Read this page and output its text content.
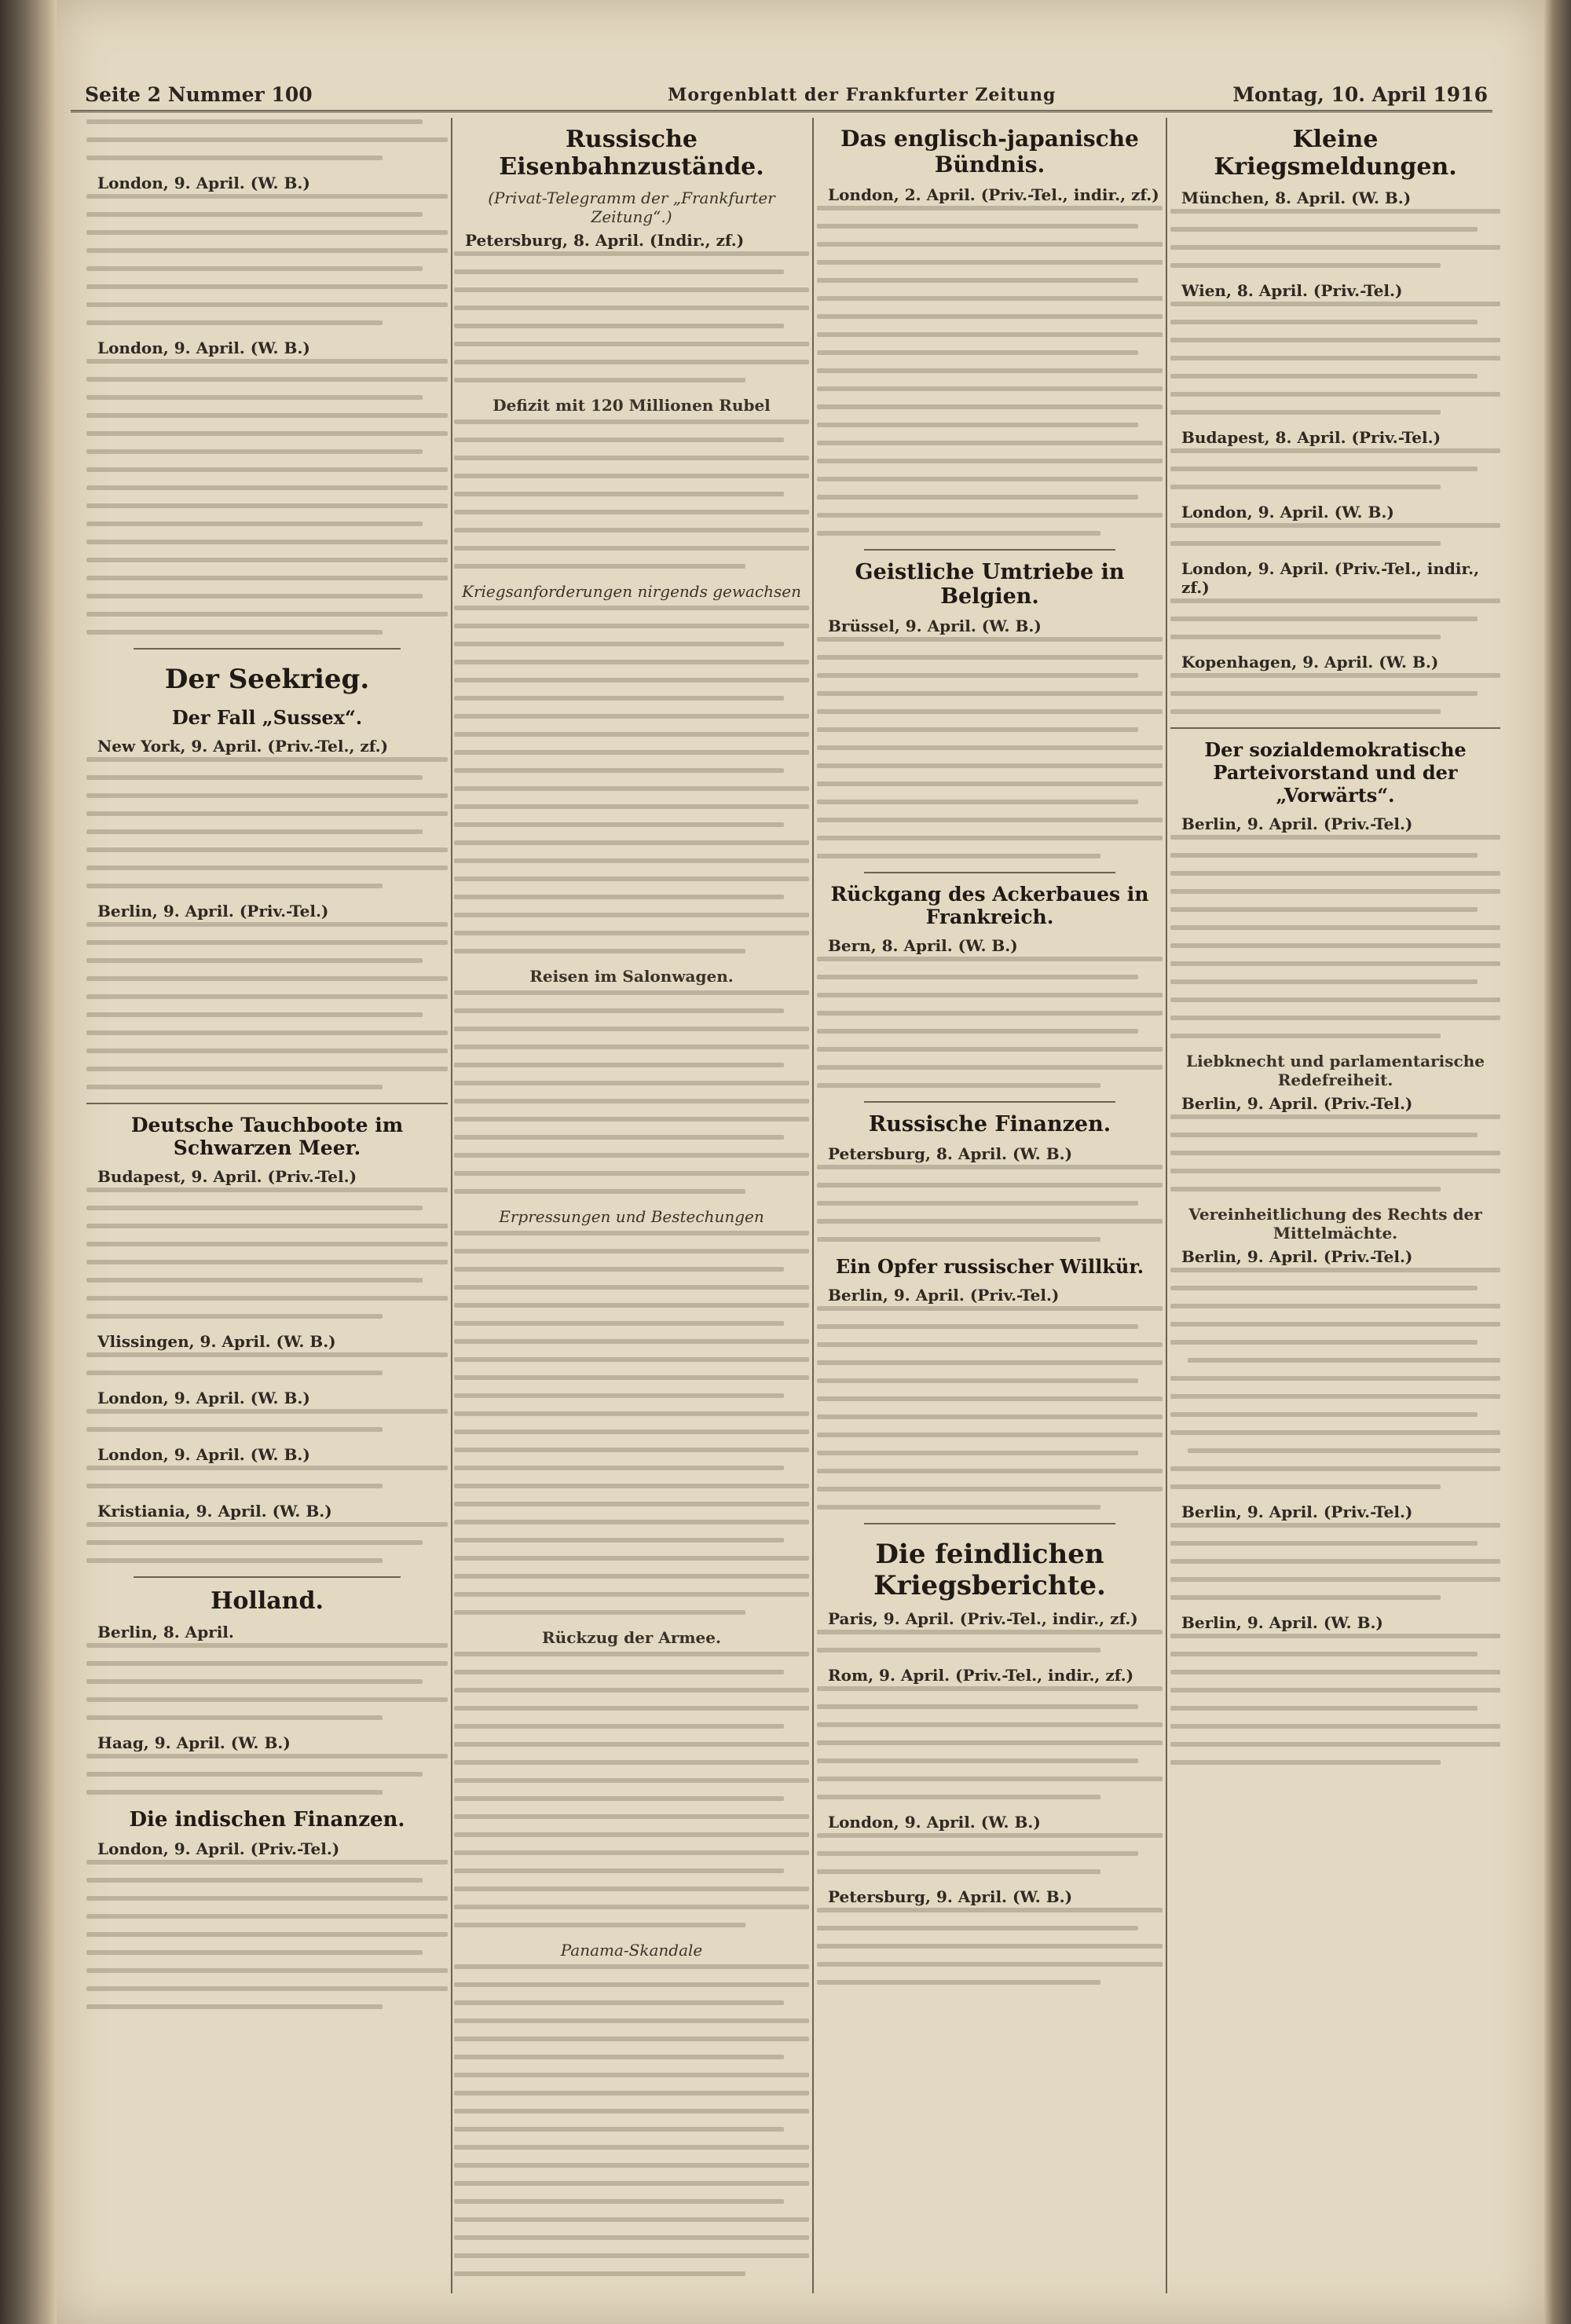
Seite 2 Nummer 100	Morgenblatt der Frankfurter Zeitung	Montag, 10. April 1916
London, 9. April. (W. B.)
London, 9. April. (W. B.)
Der Seekrieg.
Der Fall „Sussex“.
New York, 9. April. (Priv.-Tel., zf.)
Berlin, 9. April. (Priv.-Tel.)
Deutsche Tauchboote im Schwarzen Meer.
Budapest, 9. April. (Priv.-Tel.)
Vlissingen, 9. April. (W. B.)
London, 9. April. (W. B.)
London, 9. April. (W. B.)
Kristiania, 9. April. (W. B.)
Holland.
Berlin, 8. April.
Haag, 9. April. (W. B.)
Die indischen Finanzen.
London, 9. April. (Priv.-Tel.)
Russische Eisenbahnzustände.
(Privat-Telegramm der „Frankfurter Zeitung“.)
Petersburg, 8. April. (Indir., zf.)
Defizit mit 120 Millionen Rubel
Kriegsanforderungen nirgends gewachsen
Reisen im Salonwagen.
Erpressungen und Bestechungen
Rückzug der Armee.
Panama-Skandale
Das englisch-japanische Bündnis.
London, 2. April. (Priv.-Tel., indir., zf.)
Geistliche Umtriebe in Belgien.
Brüssel, 9. April. (W. B.)
Rückgang des Ackerbaues in Frankreich.
Bern, 8. April. (W. B.)
Russische Finanzen.
Petersburg, 8. April. (W. B.)
Ein Opfer russischer Willkür.
Berlin, 9. April. (Priv.-Tel.)
Die feindlichen Kriegsberichte.
Paris, 9. April. (Priv.-Tel., indir., zf.)
Rom, 9. April. (Priv.-Tel., indir., zf.)
London, 9. April. (W. B.)
Petersburg, 9. April. (W. B.)
Kleine Kriegsmeldungen.
München, 8. April. (W. B.)
Wien, 8. April. (Priv.-Tel.)
Budapest, 8. April. (Priv.-Tel.)
London, 9. April. (W. B.)
London, 9. April. (Priv.-Tel., indir., zf.)
Kopenhagen, 9. April. (W. B.)
Der sozialdemokratische Parteivorstand und der „Vorwärts“.
Berlin, 9. April. (Priv.-Tel.)
Liebknecht und parlamentarische Redefreiheit.
Berlin, 9. April. (Priv.-Tel.)
Vereinheitlichung des Rechts der Mittelmächte.
Berlin, 9. April. (Priv.-Tel.)
Berlin, 9. April. (Priv.-Tel.)
Berlin, 9. April. (W. B.)
